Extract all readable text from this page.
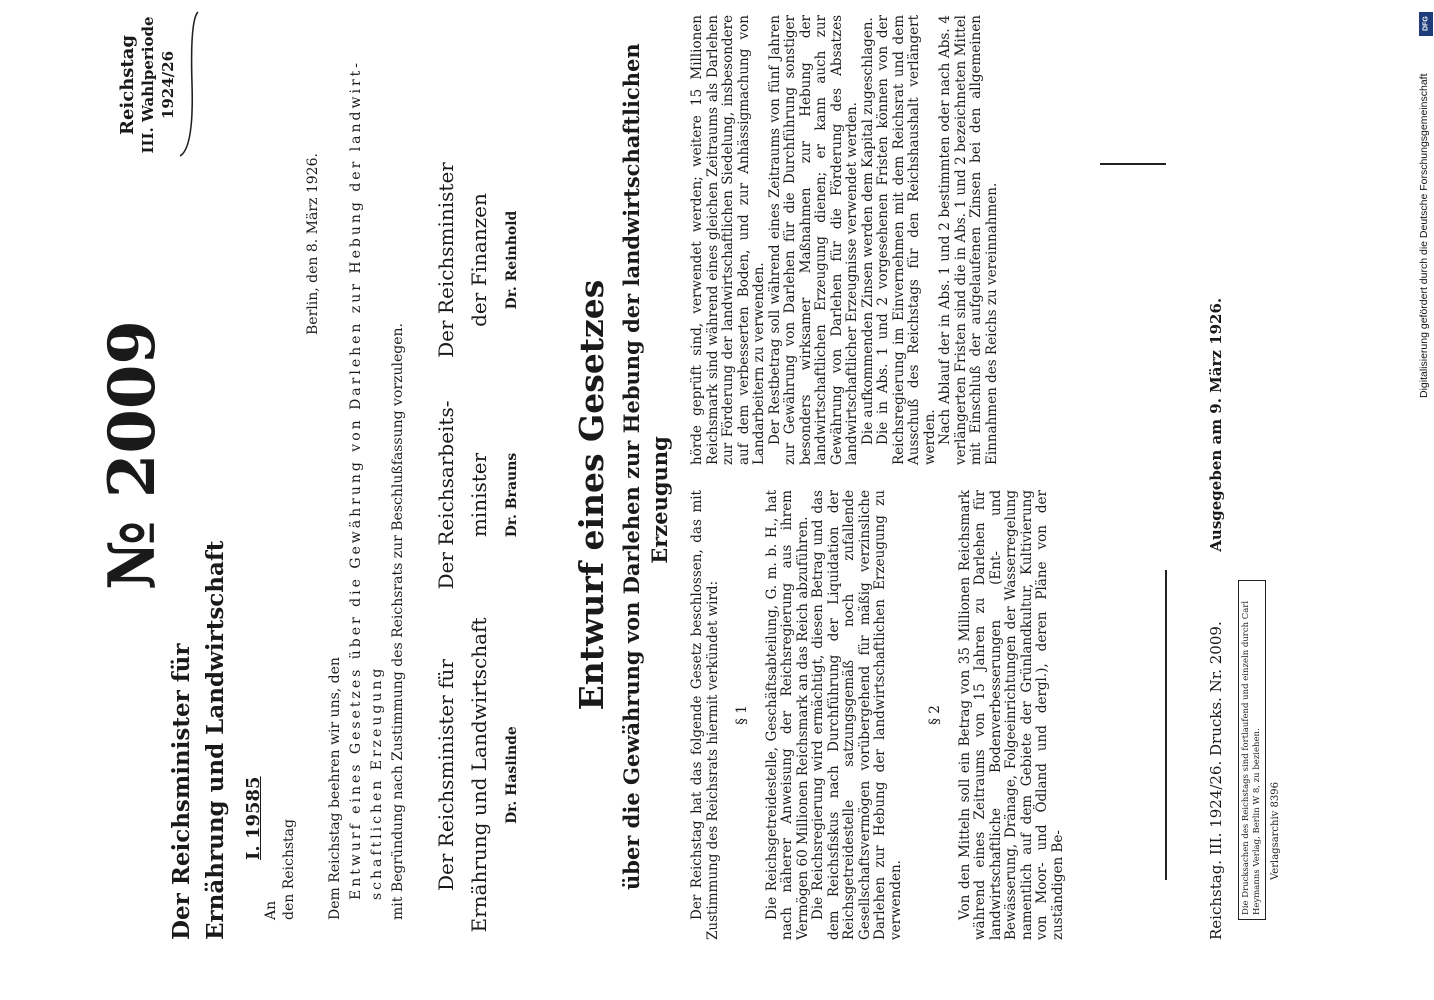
Der Reichsminister für Ernährung und Landwirtschaft I. 19585
№ 2009
Reichstag III. Wahlperiode 1924/26
An den Reichstag
Berlin, den 8. März 1926.
Dem Reichstag beehren wir uns, den Entwurf eines Gesetzes über die Gewährung von Darlehen zur Hebung der landwirt- schaftlichen Erzeugung mit Begründung nach Zustimmung des Reichsrats zur Beschlußfassung vorzulegen. Der Reichsminister für Ernährung und Landwirtschaft Dr. Haslinde
Der Reichsarbeits- minister Dr. Brauns
Der Reichsminister der Finanzen Dr. Reinhold
Entwurf eines Gesetzes über die Gewährung von Darlehen zur Hebung der landwirtschaftlichen Erzeugung Der Reichstag hat das folgende Gesetz beschlossen, das mit Zustimmung des Reichsrats hiermit verkündet wird: § 1 Die Reichsgetreidestelle, Geschäftsabteilung, G. m. b. H., hat nach näherer Anweisung der Reichsregierung aus ihrem Vermögen 60 Millionen Reichsmark an das Reich abzuführen. Die Reichsregierung wird ermächtigt, diesen Betrag und das dem Reichsfiskus nach Durchführung der Liquidation der Reichsgetreidestelle satzungsgemäß noch zufallende Gesellschaftsvermögen vorübergehend für mäßig verzinsliche Darlehen zur Hebung der landwirtschaftlichen Erzeugung zu verwenden.

§ 2 Von den Mitteln soll ein Betrag von 35 Millionen Reichsmark während eines Zeitraums von 15 Jahren zu Darlehen für landwirtschaftliche Bodenverbesserungen (Ent- und Bewässerung, Dränage, Folgeeinrichtungen der Wasserregelung namentlich auf dem Gebiete der Grünlandkultur, Kultivierung von Moor- und Ödland und dergl.), deren Pläne von der zuständigen Be-

hörde geprüft sind, verwendet werden; weitere 15 Millionen Reichsmark sind während eines gleichen Zeitraums als Darlehen zur Förderung der landwirtschaftlichen Siedelung, insbesondere auf dem verbesserten Boden, und zur Anhässigmachung von Landarbeitern zu verwenden. Der Restbetrag soll während eines Zeitraums von fünf Jahren zur Gewährung von Darlehen für die Durchführung sonstiger besonders wirksamer Maßnahmen zur Hebung der landwirtschaftlichen Erzeugung dienen; er kann auch zur Gewährung von Darlehen für die Förderung des Absatzes landwirtschaftlicher Erzeugnisse verwendet werden. Die aufkommenden Zinsen werden dem Kapital zugeschlagen. Die in Abs. 1 und 2 vorgesehenen Fristen können von der Reichsregierung im Einvernehmen mit dem Reichsrat und dem Ausschuß des Reichstags für den Reichshaushalt verlängert werden. Nach Ablauf der in Abs. 1 und 2 bestimmten oder nach Abs. 4 verlängerten Fristen sind die in Abs. 1 und 2 bezeichneten Mittel mit Einschluß der aufgelaufenen Zinsen bei den allgemeinen Einnahmen des Reichs zu vereinnahmen.

Reichstag. III. 1924/26. Drucks. Nr. 2009.  Ausgegeben am 9. März 1926.
Die Drucksachen des Reichstags sind fortlaufend und einzeln durch Carl Heymanns Verlag, Berlin W 8, zu beziehen. Verlagsarchiv 8396
DFG
Digitalisierung gefördert durch die Deutsche Forschungsgemeinschaft
